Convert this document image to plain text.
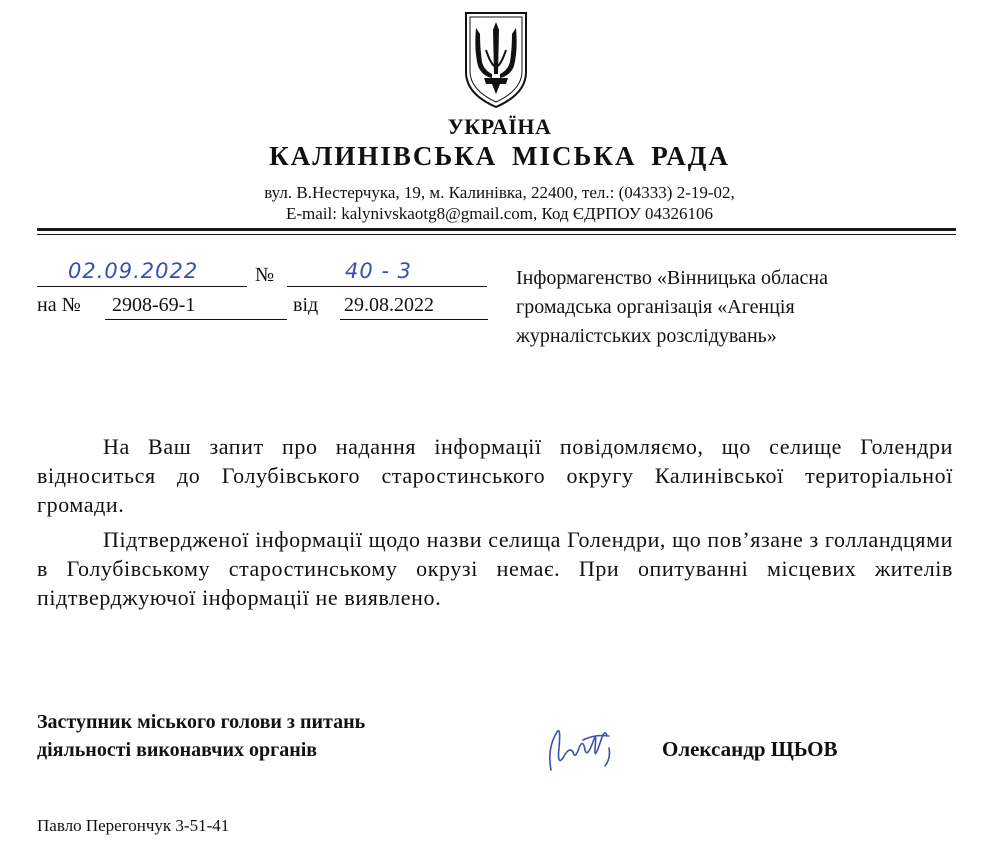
УКРАЇНА
КАЛИНІВСЬКА МІСЬКА РАДА
вул. В.Нестерчука, 19, м. Калинівка, 22400, тел.: (04333) 2-19-02,
E-mail: kalynivskaotg8@gmail.com, Код ЄДРПОУ 04326106
02.09.2022	№	40 - 3
на № 2908-69-1	від 29.08.2022
Інформагенство «Вінницька обласна громадська організація «Агенція журналістських розслідувань»
На Ваш запит про надання інформації повідомляємо, що селище Голендри відноситься до Голубівського старостинського округу Калинівської територіальної громади.
Підтвердженої інформації щодо назви селища Голендри, що пов’язане з голландцями в Голубівському старостинському окрузі немає. При опитуванні місцевих жителів підтверджуючої інформації не виявлено.
Заступник міського голови з питань
діяльності виконавчих органів	Олександр ЩЬОВ
Павло Перегончук 3-51-41
